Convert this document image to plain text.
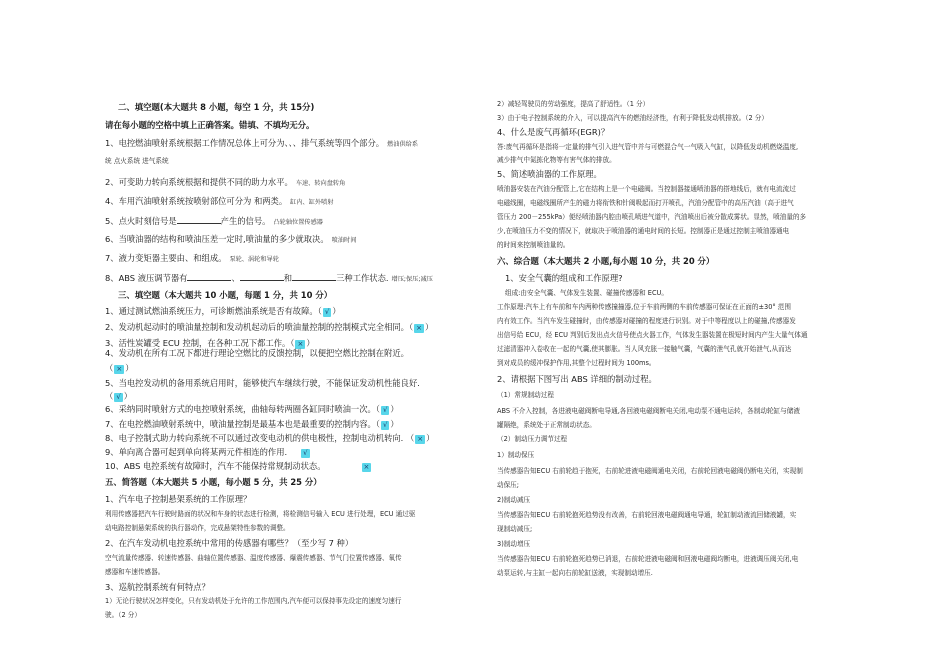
二、填空题(本大题共 8 小题，每空 1 分，共 15分)
请在每小题的空格中填上正确答案。错填、不填均无分。
1、电控燃油喷射系统根据工作情况总体上可分为、、、排气系统等四个部分。 燃油供给系
统 点火系统 进气系统
2、可变助力转向系统根据和提供不同的助力水平。 车速、转向盘转角
4、车用汽油喷射系统按喷射部位可分为 和两类。 缸内、缸外喷射
5、点火时刻信号是	产生的信号。 凸轮轴位置传感器
6、当喷油器的结构和喷油压差一定时,喷油量的多少就取决。 喷油时间
7、液力变矩器主要由、和组成。 泵轮、涡轮和导轮
8、ABS 液压调节器有	、	和	三种工作状态. 增压;保压;减压
三、填空题（本大题共 10 小题，每题 1 分，共 10 分）
1、通过测试燃油系统压力，可诊断燃油系统是否有故障。（ √ ）
2、发动机起动时的喷油量控制和发动机起动后的喷油量控制的控制模式完全相同。（ × ）
3、活性炭罐受 ECU 控制，在各种工况下都工作。（ × ）
4、发动机在所有工况下都进行理论空燃比的反馈控制，以便把空燃比控制在附近。
（ × ）
5、当电控发动机的备用系统启用时，能够使汽车继续行驶，不能保证发动机性能良好.
（ √ ）
6、采纳同时喷射方式的电控喷射系统，曲轴每转两圈各缸同时喷油一次。（ √ ）
7、在电控燃油喷射系统中，喷油量控制是最基本也是最重要的控制内容。（ √ ）
8、电子控制式助力转向系统不可以通过改变电动机的供电极性，控制电动机转向. （ × ）
9、单向离合器可起到单向将某两元件相连的作用. √
10、ABS 电控系统有故障时，汽车不能保持常规制动状态。	×
五、简答题（本大题共 5 小题，每小题 5 分，共 25 分）
1、汽车电子控制悬架系统的工作原理？
利用传感器把汽车行驶时路面的状况和车身的状态进行检测，将检测信号输入 ECU 进行处理，ECU 通过驱
动电路控制悬架系统的执行器动作，完成悬架特性参数的调整。
2、在汽车发动机电控系统中常用的传感器有哪些？（至少写 7 种）
空气流量传感器、转速传感器、曲轴位置传感器、温度传感器、爆震传感器、节气门位置传感器、氧传
感器和车速传感器。
3、巡航控制系统有何特点？
1）无论行驶状况怎样变化，只有发动机处于允许的工作范围内,汽车便可以保持事先设定的速度匀速行
驶。（2 分）
2）减轻驾驶员的劳动强度，提高了舒适性。（1 分）
3）由于电子控制系统的介入，可以提高汽车的燃油经济性，有利于降低发动机排放。（2 分）
4、什么是废气再循环(EGR)？
答:废气再循环是指将一定量的排气引入进气管中并与可燃混合气一气吸入气缸，以降低发动机燃烧温度,
减少排气中氮拣化物等有害气体的排放。
5、简述喷油器的工作原理。
喷油器安装在汽油分配管上,它在结构上是一个电磁阀。当控制器接通喷油器的搭地线后，就有电流流过
电磁线圈，电磁线圈所产生的磁力将衔铁和针阀吸起而打开喷孔，汽油分配管中的高压汽油（高于进气
管压力 200－255kPa）便经喷油器内腔由喷孔喷进气道中，汽油喷出后被分散成雾状。显然，喷油量的多
少,在喷油压力不变的情况下，就取决于喷油器的通电时间的长短。控制器正是通过控制主喷油器通电
的时间来控制喷油量的。
六、综合题（本大题共 2 小题,每小题 10 分，共 20 分）
1、安全气囊的组成和工作原理?
组成:由安全气囊、气体发生装置、碰撞传感器和 ECU。
工作原理:汽车上有车前和车内两种传感撞撞器,位于车前两侧的车前传感器可保证在正面的±30° 范围
内有效工作。当汽车发生碰撞时，由传感器对碰撞的程度进行识别。对于中等程度以上的碰撞,传感器发
出信号给 ECU，经 ECU 判别后发出点火信号使点火器工作，气体发生器装置在极短时间内产生大量气体通
过滤清器冲入卷收在一起的气囊,使其膨胀。当人风充胀一接触气囊，气囊的泄气孔就开始泄气,从而达
到对成员的缓冲保护作用,其整个过程时间为 100ms。
2、请根据下图写出 ABS 详细的制动过程。
（1）常规制动过程
ABS 不介入控制，各进液电磁阀断电导通,各回液电磁阀断电关闭,电动泵不通电运转，各制动轮缸与储液
罐隔绝，系统处于正常制动状态。
（2）制动压力调节过程
1）制动保压
当传感器告知ECU 右前轮趋于抱死，右前轮进液电磁阀通电关闭，右前轮回液电磁阀仍断电关闭，实现制
动保压;
2)制动减压
当传感器告知ECU 右前轮抱死趋势没有改善，右前轮回液电磁阀通电导通，轮缸制动液流回储液罐，实
现制动减压;
3)制动增压
当传感器告知ECU 右前轮抱死趋势已消退，右前轮进液电磁阀和回液电磁阀均断电，进液调压阀关闭,电
动泵运转,与主缸一起向右前轮缸送液，实现制动增压.
